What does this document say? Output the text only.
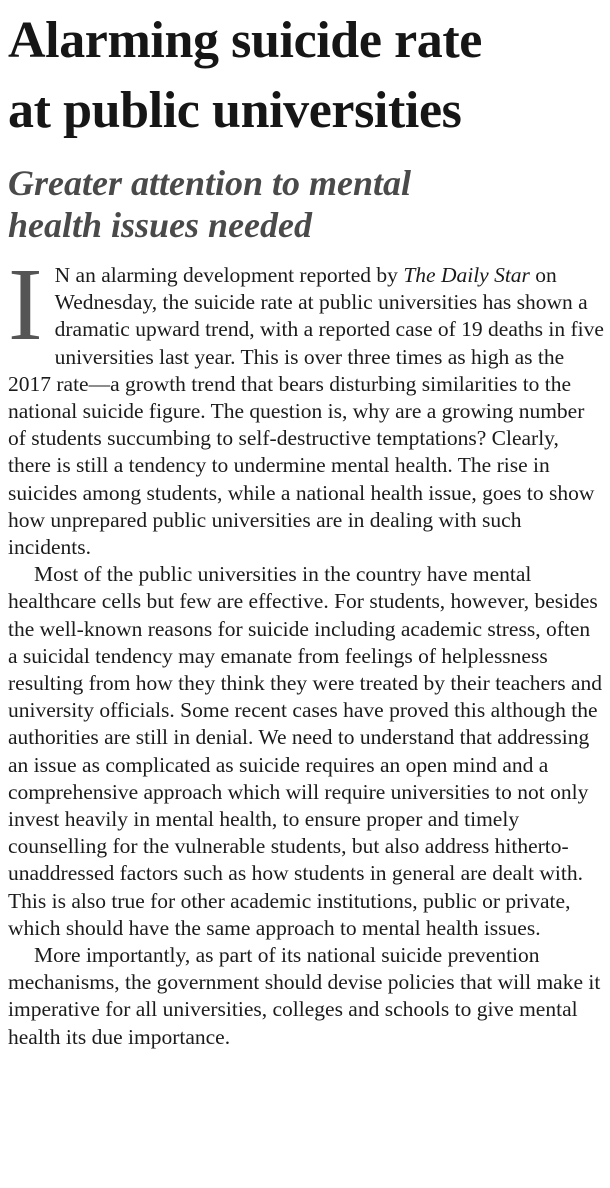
Alarming suicide rate
at public universities
Greater attention to mental
health issues needed

I N an alarming development reported by The Daily Star on Wednesday, the suicide rate at public universities has shown a dramatic upward trend, with a reported case of 19 deaths in five universities last year. This is over three times as high as the 2017 rate—a growth trend that bears disturbing similarities to the national suicide figure. The question is, why are a growing number of students succumbing to self-destructive temptations? Clearly, there is still a tendency to undermine mental health. The rise in suicides among students, while a national health issue, goes to show how unprepared public universities are in dealing with such incidents.

Most of the public universities in the country have mental healthcare cells but few are effective. For students, however, besides the well-known reasons for suicide including academic stress, often a suicidal tendency may emanate from feelings of helplessness resulting from how they think they were treated by their teachers and university officials. Some recent cases have proved this although the authorities are still in denial. We need to understand that addressing an issue as complicated as suicide requires an open mind and a comprehensive approach which will require universities to not only invest heavily in mental health, to ensure proper and timely counselling for the vulnerable students, but also address hitherto-unaddressed factors such as how students in general are dealt with. This is also true for other academic institutions, public or private, which should have the same approach to mental health issues.

More importantly, as part of its national suicide prevention mechanisms, the government should devise policies that will make it imperative for all universities, colleges and schools to give mental health its due importance.
